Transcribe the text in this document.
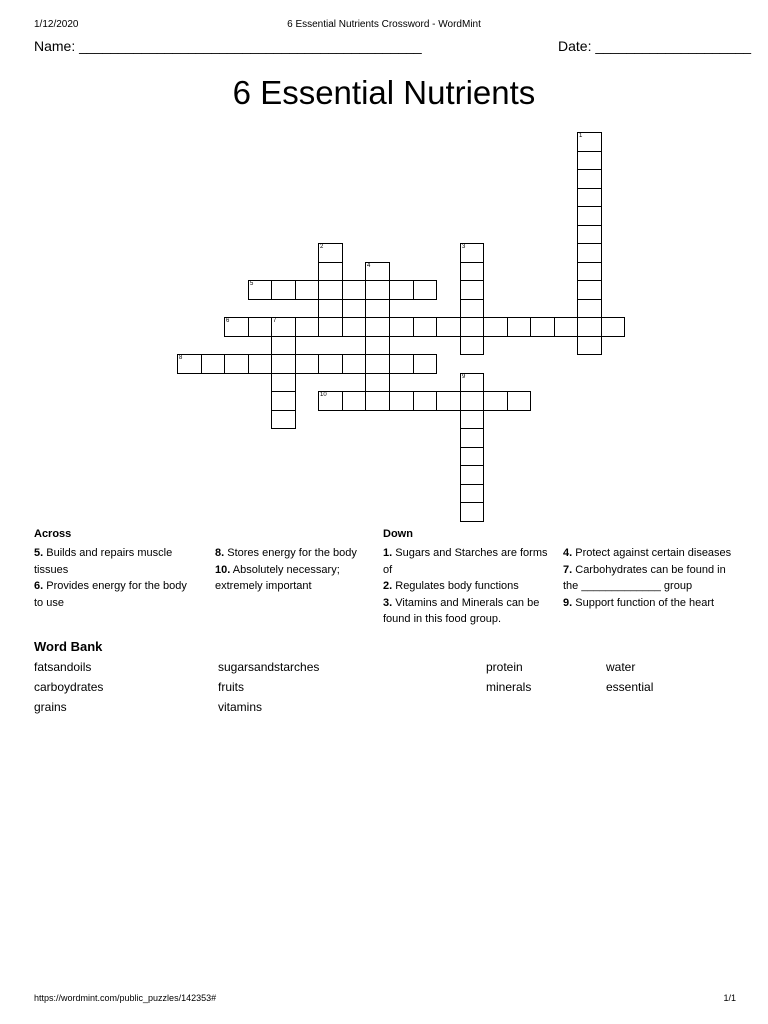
1/12/2020	6 Essential Nutrients Crossword - WordMint
Name: ____________________________________________	Date: ____________________
6 Essential Nutrients
1
2	3
4
5
6	7
8
9
10
Across	Down
5. Builds and repairs muscle tissues
6. Provides energy for the body to use
8. Stores energy for the body
10. Absolutely necessary; extremely important
1. Sugars and Starches are forms of
2. Regulates body functions
3. Vitamins and Minerals can be found in this food group.
4. Protect against certain diseases
7. Carbohydrates can be found in the _____________ group
9. Support function of the heart
Word Bank
fatsandoils	sugarsandstarches	protein	water
carboydrates	fruits	minerals	essential
grains	vitamins
https://wordmint.com/public_puzzles/142353#	1/1
